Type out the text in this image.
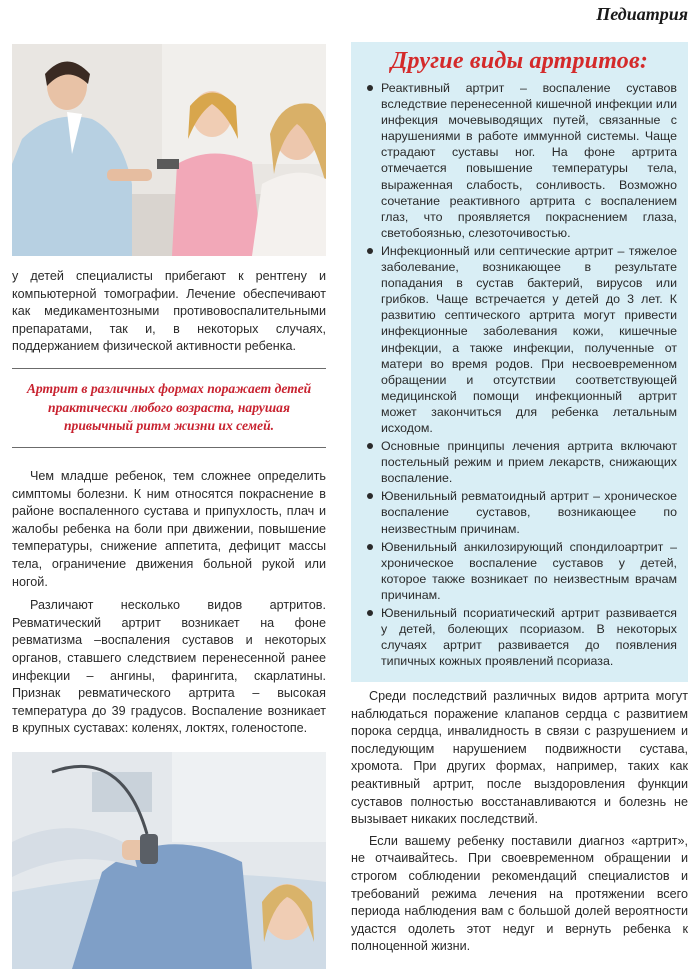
Педиатрия

у детей специалисты прибегают к рентгену и компьютерной томографии. Лечение обеспечивают как медикаментозными противовоспалительными препаратами, так и, в некоторых случаях, поддержанием физической активности ребенка.

Артрит в различных формах поражает детей практически любого возраста, нарушая привычный ритм жизни их семей.

Чем младше ребенок, тем сложнее определить симптомы болезни. К ним относятся покраснение в районе воспаленного сустава и припухлость, плач и жалобы ребенка на боли при движении, повышение температуры, снижение аппетита, дефицит массы тела, ограничение движения больной рукой или ногой.

Различают несколько видов артритов. Ревматический артрит возникает на фоне ревматизма –воспаления суставов и некоторых органов, ставшего следствием перенесенной ранее инфекции – ангины, фарингита, скарлатины. Признак ревматического артрита – высокая температура до 39 градусов. Воспаление возникает в крупных суставах: коленях, локтях, голеностопе.

Другие виды артритов:
Реактивный артрит – воспаление суставов вследствие перенесенной кишечной инфекции или инфекция мочевыводящих путей, связанные с нарушениями в работе иммунной системы. Чаще страдают суставы ног. На фоне артрита отмечается повышение температуры тела, выраженная слабость, сонливость. Возможно сочетание реактивного артрита с воспалением глаз, что проявляется покраснением глаза, светобоязнью, слезоточивостью.
Инфекционный или септические артрит – тяжелое заболевание, возникающее в результате попадания в сустав бактерий, вирусов или грибков. Чаще встречается у детей до 3 лет. К развитию септического артрита могут привести инфекционные заболевания кожи, кишечные инфекции, а также инфекции, полученные от матери во время родов. При несвоевременном обращении и отсутствии соответствующей медицинской помощи инфекционный артрит может закончиться для ребенка летальным исходом.
Основные принципы лечения артрита включают постельный режим и прием лекарств, снижающих воспаление.
Ювенильный ревматоидный артрит – хроническое воспаление суставов, возникающее по неизвестным причинам.
Ювенильный анкилозирующий спондилоартрит – хроническое воспаление суставов у детей, которое также возникает по неизвестным врачам причинам.
Ювенильный псориатический артрит развивается у детей, болеющих псориазом. В некоторых случаях артрит развивается до появления типичных кожных проявлений псориаза.

Среди последствий различных видов артрита могут наблюдаться поражение клапанов сердца с развитием порока сердца, инвалидность в связи с разрушением и последующим нарушением подвижности сустава, хромота. При других формах, например, таких как реактивный артрит, после выздоровления функции суставов полностью восстанавливаются и болезнь не вызывает никаких последствий.

Если вашему ребенку поставили диагноз «артрит», не отчаивайтесь. При своевременном обращении и строгом соблюдении рекомендаций специалистов и требований режима лечения на протяжении всего периода наблюдения вам с большой долей вероятности удастся одолеть этот недуг и вернуть ребенка к полноценной жизни.
